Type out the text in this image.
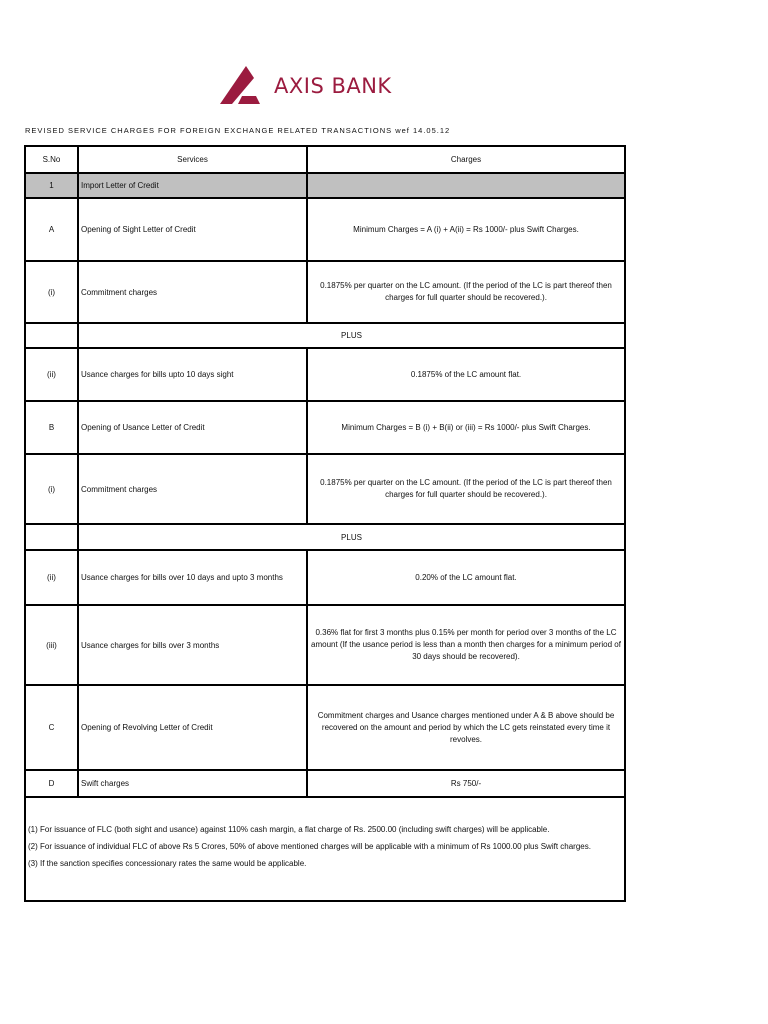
AXIS BANK
REVISED SERVICE CHARGES FOR FOREIGN EXCHANGE RELATED TRANSACTIONS wef 14.05.12
S.No	Services	Charges
1	Import Letter of Credit	
A	Opening of Sight Letter of Credit	Minimum Charges = A (i) + A(ii) = Rs 1000/- plus Swift Charges.
(i)	Commitment charges	0.1875% per quarter on the LC amount. (If the period of the LC is part thereof then charges for full quarter should be recovered.).
	PLUS	
(ii)	Usance charges for bills upto 10 days sight	0.1875% of the LC amount flat.
B	Opening of Usance Letter of Credit	Minimum Charges = B (i) + B(ii) or (iii) = Rs 1000/- plus Swift Charges.
(i)	Commitment charges	0.1875% per quarter on the LC amount. (If the period of the LC is part thereof then charges for full quarter should be recovered.).
	PLUS	
(ii)	Usance charges for bills over 10 days and upto 3 months	0.20% of the LC amount flat.
(iii)	Usance charges for bills over 3 months	0.36% flat for first 3 months plus 0.15% per month for period over 3 months of the LC amount (If the usance period is less than a month then charges for a minimum period of 30 days should be recovered).
C	Opening of Revolving Letter of Credit	Commitment charges and Usance charges mentioned under A & B above should be recovered on the amount and period by which the LC gets reinstated every time it revolves.
D	Swift charges	Rs 750/-

(1) For issuance of FLC (both sight and usance) against 110% cash margin, a flat charge of Rs. 2500.00 (including swift charges) will be applicable.

(2) For issuance of individual FLC of above Rs 5 Crores, 50% of above mentioned charges will be applicable with a minimum of Rs 1000.00 plus Swift charges.

(3) If the sanction specifies concessionary rates the same would be applicable.		
